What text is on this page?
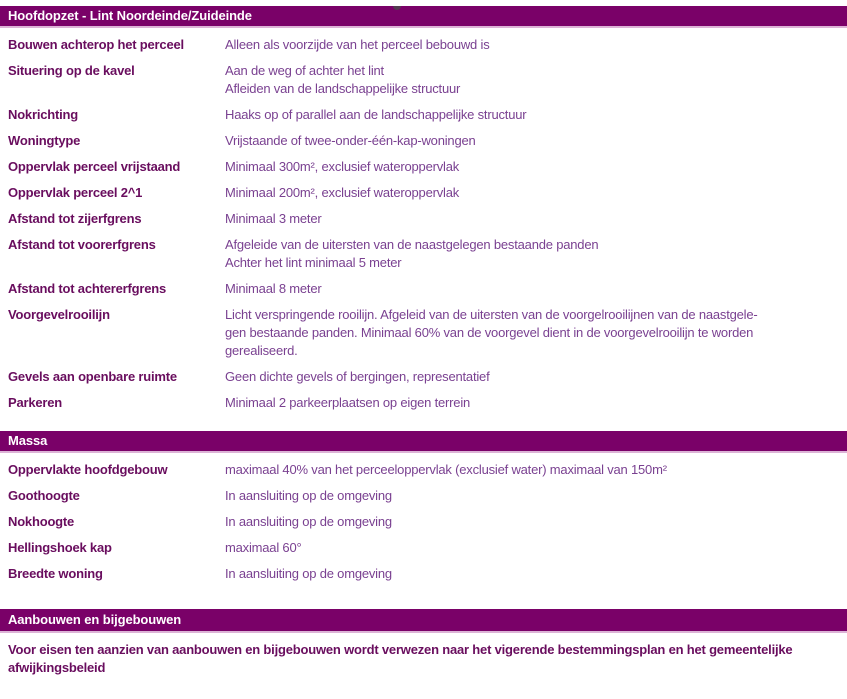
Hoofdopzet - Lint Noordeinde/Zuideinde
Bouwen achterop het perceel	Alleen als voorzijde van het perceel bebouwd is
Situering op de kavel	Aan de weg of achter het lint
Afleiden van de landschappelijke structuur
Nokrichting	Haaks op of parallel aan de landschappelijke structuur
Woningtype	Vrijstaande of twee-onder-één-kap-woningen
Oppervlak perceel vrijstaand	Minimaal 300m², exclusief wateroppervlak
Oppervlak perceel 2^1	Minimaal 200m², exclusief wateroppervlak
Afstand tot zijerfgrens	Minimaal 3 meter
Afstand tot voorerfgrens	Afgeleide van de uitersten van de naastgelegen bestaande panden
Achter het lint minimaal 5 meter
Afstand tot achtererfgrens	Minimaal 8 meter
Voorgevelrooilijn	Licht verspringende rooilijn. Afgeleid van de uitersten van de voorgelrooilijnen van de naastgele-
gen bestaande panden. Minimaal 60% van de voorgevel dient in de voorgevelrooilijn te worden
gerealiseerd.
Gevels aan openbare ruimte	Geen dichte gevels of bergingen, representatief
Parkeren	Minimaal 2 parkeerplaatsen op eigen terrein
Massa
Oppervlakte hoofdgebouw	maximaal 40% van het perceeloppervlak (exclusief water) maximaal van 150m²
Goothoogte	In aansluiting op de omgeving
Nokhoogte	In aansluiting op de omgeving
Hellingshoek kap	maximaal 60°
Breedte woning	In aansluiting op de omgeving
Aanbouwen en bijgebouwen
Voor eisen ten aanzien van aanbouwen en bijgebouwen wordt verwezen naar het vigerende bestemmingsplan en het gemeentelijke afwijkingsbeleid
